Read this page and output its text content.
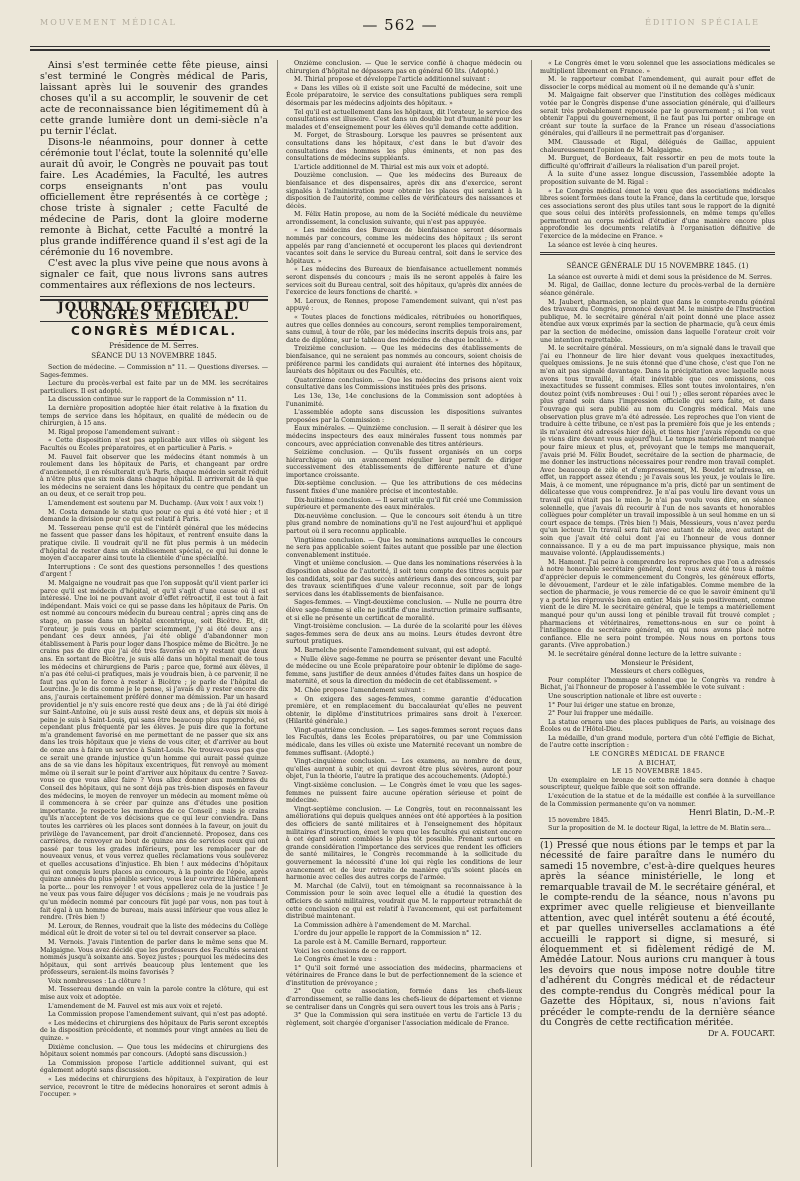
MOUVEMENT MÉDICAL	— 562 —	ÉDITION SPÉCIALE

Ainsi s'est terminée cette fête pieuse, ainsi s'est terminé le Congrès médical de Paris, laissant après lui le souvenir des grandes choses qu'il a su accomplir, le souvenir de cet acte de reconnaissance bien légitimement dû à cette grande lumière dont un demi-siècle n'a pu ternir l'éclat.

Disons-le néanmoins, pour donner à cette cérémonie tout l'éclat, toute la solennité qu'elle aurait dû avoir, le Congrès ne pouvait pas tout faire. Les Académies, la Faculté, les autres corps enseignants n'ont pas voulu officiellement être représentés à ce cortège ; chose triste à signaler ; cette Faculté de médecine de Paris, dont la gloire moderne remonte à Bichat, cette Faculté a montré la plus grande indifférence quand il s'est agi de la cérémonie du 16 novembre.

C'est avec la plus vive peine que nous avons à signaler ce fait, que nous livrons sans autres commentaires aux réflexions de nos lecteurs.

JOURNAL OFFICIEL DU CONGRÈS MÉDICAL.
CONGRÈS MÉDICAL.
Présidence de M. Serres.
SÉANCE DU 13 NOVEMBRE 1845.

Section de médecine. — Commission n° 11. — Questions diverses. — Sages-femmes.

Lecture du procès-verbal est faite par un de MM. les secrétaires particuliers. Il est adopté.

La discussion continue sur le rapport de la Commission n° 11.

La dernière proposition adoptée hier était relative à la fixation du temps de service dans les hôpitaux, en qualité de médecin ou de chirurgien, à 15 ans.

M. Rigal propose l'amendement suivant :

« Cette disposition n'est pas applicable aux villes où siègent les Facultés ou Écoles préparatoires, et en particulier à Paris. »

M. Fauvel fait observer que les médecins étant nommés à un roulement dans les hôpitaux de Paris, et changeant par ordre d'ancienneté, il en résulterait qu'à Paris, chaque médecin serait réduit à n'être plus que six mois dans chaque hôpital. Il arriverait de là que les médecins ne seraient dans les hôpitaux du centre que pendant un an ou deux, et ce serait trop peu.

L'amendement est soutenu par M. Duchamp. (Aux voix ! aux voix !)

M. Costa demande le statu quo pour ce qui a été voté hier ; et il demande la division pour ce qui est relatif à Paris.

M. Tessereau pense qu'il est de l'intérêt général que les médecins ne fassent que passer dans les hôpitaux, et rentrent ensuite dans la pratique civile. Il voudrait qu'il ne fût plus permis à un médecin d'hôpital de rester dans un établissement spécial, ce qui lui donne le moyen d'accaparer ainsi toute la clientèle d'une spécialité.

Interruptions : Ce sont des questions personnelles ! des questions d'argent !

M. Malgaigne ne voudrait pas que l'on supposât qu'il vient parler ici parce qu'il est médecin d'hôpital, et qu'il s'agit d'une cause où il est intéressé. Une loi ne pouvant avoir d'effet rétroactif, il est tout à fait indépendant. Mais voici ce qui se passe dans les hôpitaux de Paris. On est nommé au concours médecin du bureau central ; après cinq ans de stage, on passe dans un hôpital excentrique, soit Bicêtre. Et, dit l'orateur, je puis vous en parler sciemment, j'y ai été deux ans ; pendant ces deux années, j'ai été obligé d'abandonner mon établissement à Paris pour loger dans l'hospice même de Bicêtre. Je ne crains pas de dire que j'ai été très favorisé en n'y restant que deux ans. En sortant de Bicêtre, je suis allé dans un hôpital menait de tous les médecins et chirurgiens de Paris ; parce que, formé aux élèves, il n'a pas été celui-ci pratiques, mais je voudrais bien, à ce parvenir, il ne faut pas qu'on le force à rester à Bicêtre ; je parle de l'hôpital de Lourcine. Je le dis comme je le pense, si j'avais dû y rester encore dix ans, j'aurais certainement préféré donner ma démission. Par un hasard providentiel je n'y suis encore resté que deux ans ; de là j'ai été dirigé sur Saint-Antoine, où je suis aussi resté deux ans, et depuis six mois à peine je suis à Saint-Louis, qui sans être beaucoup plus rapproché, est cependant plus fréquenté par les élèves. Je puis dire que la fortune m'a grandement favorisé en me permettant de ne passer que six ans dans les trois hôpitaux que je viens de vous citer, et d'arriver au bout de onze ans à faire un service à Saint-Louis. Ne trouvez-vous pas que ce serait une grande injustice qu'un homme qui aurait passé quinze ans de sa vie dans les hôpitaux excentriques, fût renvoyé au moment même où il serait sur le point d'arriver aux hôpitaux du centre ? Savez-vous ce que vous allez faire ? Vous allez donner aux membres du Conseil des hôpitaux, qui ne sont déjà pas très-bien disposés en faveur des médecins, le moyen de renvoyer un médecin au moment même où il commencera à se créer par quinze ans d'études une position importante. Je respecte les membres de ce Conseil ; mais je crains qu'ils n'acceptent de vos décisions que ce qui leur conviendra. Dans toutes les carrières où les places sont données à la faveur, on jouit du privilège de l'avancement, par droit d'ancienneté. Proposez, dans ces carrières, de renvoyer au bout de quinze ans de services ceux qui ont passé par tous les grades inférieurs, pour les remplacer par de nouveaux venus, et vous verrez quelles réclamations vous soulèverez et quelles accusations d'injustice. Eh bien ! aux médecins d'hôpitaux qui ont conquis leurs places au concours, à la pointe de l'épée, après quinze années du plus pénible service, vous leur ouvrirez libéralement la porte... pour les renvoyer ! et vous appellerez cela de la justice ! Je ne veux pas vous faire déjuger vos décisions ; mais je ne voudrais pas qu'un médecin nommé par concours fût jugé par vous, non pas tout à fait égal à un homme de bureau, mais aussi inférieur que vous allez le rendre. (Très bien !)

M. Leroux, de Rennes, voudrait que la liste des médecins du Collège médical eût le droit de voter si tel ou tel devrait conserver sa place.

M. Vernois. J'avais l'intention de parler dans le même sens que M. Malgaigne. Vous avez décidé que les professeurs des Facultés seraient nommés jusqu'à soixante ans. Soyez justes ; pourquoi les médecins des hôpitaux, qui sont arrivés beaucoup plus lentement que les professeurs, seraient-ils moins favorisés ?

Voix nombreuses : La clôture !

M. Tessereau demande en vain la parole contre la clôture, qui est mise aux voix et adoptée.

L'amendement de M. Fauvel est mis aux voix et rejeté.

La Commission propose l'amendement suivant, qui n'est pas adopté.

« Les médecins et chirurgiens des hôpitaux de Paris seront exceptés de la disposition précédente, et nommés pour vingt années au lieu de quinze. »

Dixième conclusion. — Que tous les médecins et chirurgiens des hôpitaux soient nommés par concours. (Adopté sans discussion.)

La Commission propose l'article additionnel suivant, qui est également adopté sans discussion.

« Les médecins et chirurgiens des hôpitaux, à l'expiration de leur service, recevront le titre de médecins honoraires et seront admis à l'occuper. »

Onzième conclusion. — Que le service confié à chaque médecin ou chirurgien d'hôpital ne dépassera pas en général 60 lits. (Adopté.)

M. Thirial propose et développe l'article additionnel suivant :

« Dans les villes où il existe soit une Faculté de médecine, soit une École préparatoire, le service des consultations publiques sera rempli désormais par les médecins adjoints des hôpitaux. »

Tel qu'il est actuellement dans les hôpitaux, dit l'orateur, le service des consultations est illusoire. C'est dans un double but d'humanité pour les malades et d'enseignement pour les élèves qu'il demande cette addition.

M. Forget, de Strasbourg. Lorsque les pauvres se présentent aux consultations dans les hôpitaux, c'est dans le but d'avoir des consultations des hommes les plus éminents, et non pas des consultations de médecins suppléants.

L'article additionnel de M. Thirial est mis aux voix et adopté.

Douzième conclusion. — Que les médecins des Bureaux de bienfaisance et des dispensaires, après dix ans d'exercice, seront signalés à l'administration pour obtenir les places qui seraient à la disposition de l'autorité, comme celles de vérificateurs des naissances et décès.

M. Félix Hatin propose, au nom de la Société médicale du neuvième arrondissement, la conclusion suivante, qui n'est pas appuyée.

« Les médecins des Bureaux de bienfaisance seront désormais nommés par concours, comme les médecins des hôpitaux ; ils seront appelés par rang d'ancienneté et occuperont les places qui deviendront vacantes soit dans le service du Bureau central, soit dans le service des hôpitaux. »

« Les médecins des Bureaux de bienfaisance actuellement nommés seront dispensés du concours ; mais ils ne seront appelés à faire les services soit du Bureau central, soit des hôpitaux, qu'après dix années de l'exercice de leurs fonctions de charité. »

M. Leroux, de Rennes, propose l'amendement suivant, qui n'est pas appuyé :

« Toutes places de fonctions médicales, rétribuées ou honorifiques, autres que celles données au concours, seront remplies temporairement, sans cumul, à tour de rôle, par les médecins inscrits depuis trois ans, par date de diplôme, sur le tableau des médecins de chaque localité. »

Treizième conclusion. — Que les médecins des établissements de bienfaisance, qui ne seraient pas nommés au concours, soient choisis de préférence parmi les candidats qui auraient été internes des hôpitaux, lauréats des hôpitaux ou des Facultés, etc.

Quatorzième conclusion. — Que les médecins des prisons aient voix consultative dans les Commissions instituées près des prisons.

Les 13e, 13e, 14e conclusions de la Commission sont adoptées à l'unanimité.

L'assemblée adopte sans discussion les dispositions suivantes proposées par la Commission :

Eaux minérales. — Quinzième conclusion. — Il serait à désirer que les médecins inspecteurs des eaux minérales fussent tous nommés par concours, avec appréciation convenable des titres antérieurs.

Seizième conclusion. — Qu'ils fussent organisés en un corps hiérarchique où un avancement régulier leur permît de diriger successivement des établissements de différente nature et d'une importance croissante.

Dix-septième conclusion. — Que les attributions de ces médecins fussent fixées d'une manière précise et incontestable.

Dix-huitième conclusion. — Il serait utile qu'il fût créé une Commission supérieure et permanente des eaux minérales.

Dix-neuvième conclusion. — Que le concours soit étendu à un titre plus grand nombre de nominations qu'il ne l'est aujourd'hui et appliqué partout où il sera reconnu applicable.

Vingtième conclusion. — Que les nominations auxquelles le concours ne sera pas applicable soient faites autant que possible par une élection convenablement instituée.

Vingt et unième conclusion. — Que dans les nominations réservées à la disposition absolue de l'autorité, il soit tenu compte des titres acquis par les candidats, soit par des succès antérieurs dans des concours, soit par des travaux scientifiques d'une valeur reconnue, soit par de longs services dans les établissements de bienfaisance.

Sages-femmes. — Vingt-deuxième conclusion. — Nulle ne pourra être élève sage-femme si elle ne justifie d'une instruction primaire suffisante, et si elle ne présente un certificat de moralité.

Vingt-troisième conclusion. — La durée de la scolarité pour les élèves sages-femmes sera de deux ans au moins. Leurs études devront être surtout pratiques.

M. Barnelche présente l'amendement suivant, qui est adopté.

« Nulle élève sage-femme ne pourra se présenter devant une Faculté de médecine ou une École préparatoire pour obtenir le diplôme de sage-femme, sans justifier de deux années d'études faites dans un hospice de maternité, et sous la direction du médecin de cet établissement. »

M. Chée propose l'amendement suivant :

« On exigera des sages-femmes, comme garantie d'éducation première, et en remplacement du baccalauréat qu'elles ne peuvent obtenir, le diplôme d'institutrices primaires sans droit à l'exercer. (Hilarité générale.)

Vingt-quatrième conclusion. — Les sages-femmes seront reçues dans les Facultés, dans les Écoles préparatoires, ou par une Commission médicale, dans les villes où existe une Maternité recevant un nombre de femmes suffisant. (Adopté.)

Vingt-cinquième conclusion. — Les examens, au nombre de deux, qu'elles auront à subir, et qui devront être plus sévères, auront pour objet, l'un la théorie, l'autre la pratique des accouchements. (Adopté.)

Vingt-sixième conclusion. — Le Congrès émet le vœu que les sages-femmes ne puissent faire aucune opération sérieuse et point de médecine.

Vingt-septième conclusion. — Le Congrès, tout en reconnaissant les améliorations qui depuis quelques années ont été apportées à la position des officiers de santé militaires et à l'enseignement des hôpitaux militaires d'instruction, émet le vœu que les facultés qui existent encore à cet égard soient comblées le plus tôt possible. Prenant surtout en grande considération l'importance des services que rendent les officiers de santé militaires, le Congrès recommande à la sollicitude du gouvernement la nécessité d'une loi qui règle les conditions de leur avancement et de leur retraite de manière qu'ils soient placés en harmonie avec celles des autres corps de l'armée.

M. Marchal (de Calvi), tout en témoignant sa reconnaissance à la Commission pour le soin avec lequel elle a étudié la question des officiers de santé militaires, voudrait que M. le rapporteur retranchât de cette conclusion ce qui est relatif à l'avancement, qui est parfaitement distribué maintenant.

La Commission adhère à l'amendement de M. Marchal.

L'ordre du jour appelle le rapport de la Commission n° 12.

La parole est à M. Camille Bernard, rapporteur.

Voici les conclusions de ce rapport.

Le Congrès émet le vœu :

1° Qu'il soit formé une association des médecins, pharmaciens et vétérinaires de France dans le but de perfectionnement de la science et d'institution de prévoyance ;

2° Que cette association, formée dans les chefs-lieux d'arrondissement, se rallie dans les chefs-lieux de département et vienne se centraliser dans un Congrès qui sera ouvert tous les trois ans à Paris ;

3° Que la Commission qui sera instituée en vertu de l'article 13 du règlement, soit chargée d'organiser l'association médicale de France.

« Le Congrès émet le vœu solennel que les associations médicales se multiplient librement en France. »

M. le rapporteur combat l'amendement, qui aurait pour effet de dissocier le corps médical au moment où il ne demande qu'à s'unir.

M. Malgaigne fait observer que l'institution des collèges médicaux votée par le Congrès dispense d'une association générale, qui d'ailleurs serait très probablement repoussée par le gouvernement ; si l'on veut obtenir l'appui du gouvernement, il ne faut pas lui porter ombrage en créant sur toute la surface de la France un réseau d'associations générales, qui d'ailleurs il ne permettrait pas d'organiser.

MM. Claussade et Rigal, délégués de Gaillac, appuient chaleureusement l'opinion de M. Malgaigne.

M. Burguet, de Bordeaux, fait ressortir en peu de mots toute la difficulté qu'offrirait d'ailleurs la réalisation d'un pareil projet.

À la suite d'une assez longue discussion, l'assemblée adopte la proposition suivante de M. Rigal :

« Le Congrès médical émet le vœu que des associations médicales libres soient formées dans toute la France, dans la certitude que, lorsque ces associations seront des plus utiles tant sous le rapport de la dignité que sous celui des intérêts professionnels, en même temps qu'elles permettront au corps médical d'étudier d'une manière encore plus approfondie les documents relatifs à l'organisation définitive de l'exercice de la médecine en France. »

La séance est levée à cinq heures.

SÉANCE GÉNÉRALE DU 15 NOVEMBRE 1845. (1)

La séance est ouverte à midi et demi sous la présidence de M. Serres.

M. Rigal, de Gaillac, donne lecture du procès-verbal de la dernière séance générale.

M. Jaubert, pharmacien, se plaint que dans le compte-rendu général des travaux du Congrès, prononcé devant M. le ministre de l'Instruction publique, M. le secrétaire général n'ait point donné une place assez étendue aux vœux exprimés par la section de pharmacie, qu'à ceux émis par la section de médecine, omission dans laquelle l'orateur croit voir une intention regrettable.

M. le secrétaire général. Messieurs, on m'a signalé dans le travail que j'ai eu l'honneur de lire hier devant vous quelques inexactitudes, quelques omissions. Je ne suis étonné que d'une chose, c'est que l'on ne m'en ait pas signalé davantage. Dans la précipitation avec laquelle nous avons tous travaillé, il était inévitable que ces omissions, ces inexactitudes se fussent commises. Elles sont toutes involontaires, n'en doutez point (vifs nombreuses : Oui ! oui !) ; elles seront réparées avec le plus grand soin dans l'impression officielle qui sera faite, et dans l'ouvrage qui sera publié au nom du Congrès médical. Mais une observation plus grave m'a été adressée. Les reproches que l'on vient de traduire à cette tribune, ce n'est pas la première fois que je les entends ; ils m'avaient été adressés hier déjà, et tiens hier j'avais répondu ce que je viens dire devant vous aujourd'hui. Le temps matériellement manqué pour faire mieux et plus, et, prévoyant que le temps me manquerait, j'avais prié M. Félix Boudet, secrétaire de la section de pharmacie, de me donner les instructions nécessaires pour rendre mon travail complet. Avec beaucoup de zèle et d'empressement, M. Boudet m'adressa, en effet, un rapport assez étendu ; je l'avais sous les yeux, je voulais le lire. Mais, à ce moment, une répugnance m'a pris, dicté par un sentiment de délicatesse que vous comprendrez. Je n'ai pas voulu lire devant vous un travail qui n'était pas le mien. Je n'ai pas voulu vous dire, en séance solennelle, que j'avais dû recourir à l'un de nos savants et honorables collègues pour compléter un travail impossible à un seul homme en un si court espace de temps. (Très bien !) Mais, Messieurs, vous n'avez perdu qu'un lecteur. Un travail sera fait avec autant de zèle, avec autant de soin que j'avait été celui dont j'ai eu l'honneur de vous donner connaissance. Il y a eu de ma part impuissance physique, mais non mauvaise volonté. (Applaudissements.)

M. Hamont. J'ai peine à comprendre les reproches que l'on a adressés à notre honorable secrétaire général, dont vous avez été tous à même d'apprécier depuis le commencement du Congrès, les généreux efforts, le dévouement, l'ardeur et le zèle infatigables. Comme membre de la section de pharmacie, je vous remercie de ce que le savoir éminent qu'il y a porté les réprouvés bien en entier. Mais je suis positivement, comme vient de le dire M. le secrétaire général, que le temps a matériellement manqué pour qu'un aussi long et pénible travail fût trouvé complet ; pharmaciens et vétérinaires, remettons-nous en sur ce point à l'intelligence du secrétaire général, en qui nous avons placé notre confiance. Elle ne sera point trompée. Nous nous en portons tous garants. (Vive approbation.)

M. le secrétaire général donne lecture de la lettre suivante :

Monsieur le Président,

Messieurs et chers collègues,

Pour compléter l'hommage solennel que le Congrès va rendre à Bichat, j'ai l'honneur de proposer à l'assemblée le vote suivant :

Une souscription nationale et libre est ouverte :

1° Pour lui ériger une statue en bronze,

2° Pour lui frapper une médaille.

La statue ornera une des places publiques de Paris, au voisinage des Écoles ou de l'Hôtel-Dieu.

La médaille, d'un grand module, portera d'un côté l'effigie de Bichat, de l'autre cette inscription :

LE CONGRÈS MÉDICAL DE FRANCE

A BICHAT,

LE 15 NOVEMBRE 1845.

Un exemplaire en bronze de cette médaille sera donnée à chaque souscripteur, quelque faible que soit son offrande.

L'exécution de la statue et de la médaille est confiée à la surveillance de la Commission permanente qu'on va nommer.

Henri Blatin, D.-M.-P.

15 novembre 1845.

Sur la proposition de M. le docteur Rigal, la lettre de M. Blatin sera...

(1) Pressé que nous étions par le temps et par la nécessité de faire paraître dans le numéro du samedi 15 novembre, c'est-à-dire quelques heures après la séance ministérielle, le long et remarquable travail de M. le secrétaire général, et le compte-rendu de la séance, nous n'avons pu exprimer avec quelle religieuse et bienveillante attention, avec quel intérêt soutenu a été écouté, et par quelles universelles acclamations a été accueilli le rapport si digne, si mesuré, si éloquemment et si fidèlement rédigé de M. Amédée Latour. Nous aurions cru manquer à tous les devoirs que nous impose notre double titre d'adhérent du Congrès médical et de rédacteur des compte-rendus du Congrès médical pour la Gazette des Hôpitaux, si, nous n'avions fait précéder le compte-rendu de la dernière séance du Congrès de cette rectification méritée.

Dr A. FOUCART.
